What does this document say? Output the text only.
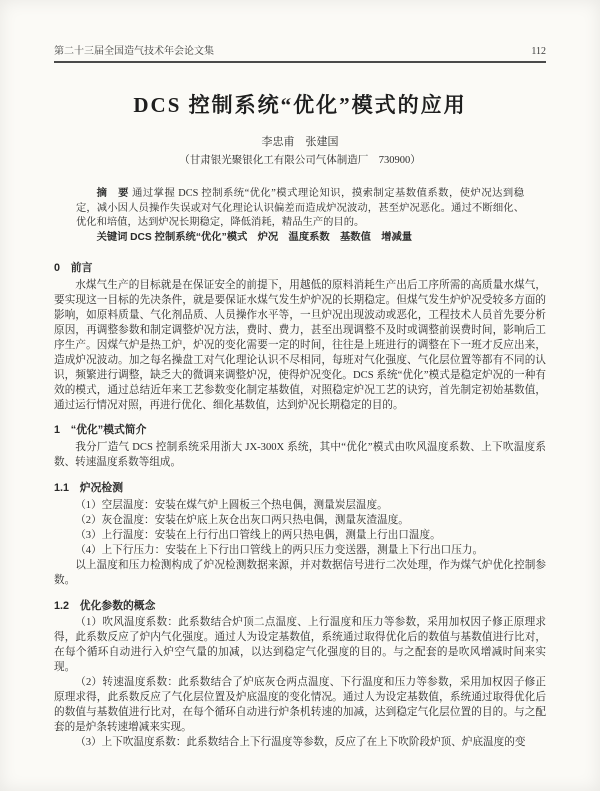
第二十三届全国造气技术年会论文集	112
DCS 控制系统“优化”模式的应用
李忠甫　张建国
（甘肃银光聚银化工有限公司气体制造厂　730900）

摘　要 通过掌握 DCS 控制系统“优化”模式理论知识，摸索制定基数值系数，使炉况达到稳定，减小因人员操作失误或对气化理论认识偏差而造成炉况波动，甚至炉况恶化。通过不断细化、优化和培值，达到炉况长期稳定，降低消耗，精品生产的目的。

关键词 DCS 控制系统“优化”模式　炉况　温度系数　基数值　增减量

0　前言

水煤气生产的目标就是在保证安全的前提下，用越低的原料消耗生产出后工序所需的高质量水煤气，要实现这一目标的先决条件，就是要保证水煤气发生炉炉况的长期稳定。但煤气发生炉炉况受较多方面的影响，如原料质量、气化剂品质、人员操作水平等，一旦炉况出现波动或恶化，工程技术人员首先要分析原因，再调整参数和制定调整炉况方法，费时、费力，甚至出现调整不及时或调整前误费时间，影响后工序生产。因煤气炉是热工炉，炉况的变化需要一定的时间，往往是上班进行的调整在下一班才反应出来，造成炉况波动。加之每名操盘工对气化理论认识不尽相同，每班对气化强度、气化层位置等都有不同的认识，频繁进行调整，缺乏大的微调来调整炉况，使得炉况变化。DCS 系统“优化”模式是稳定炉况的一种有效的模式，通过总结近年来工艺参数变化制定基数值，对照稳定炉况工艺的诀窍，首先制定初始基数值，通过运行情况对照，再进行优化、细化基数值，达到炉况长期稳定的目的。

1　“优化”模式简介

我分厂造气 DCS 控制系统采用浙大 JX-300X 系统，其中“优化”模式由吹风温度系数、上下吹温度系数、转速温度系数等组成。

1.1　炉况检测

（1）空层温度：安装在煤气炉上圆板三个热电偶，测量炭层温度。

（2）灰仓温度：安装在炉底上灰仓出灰口两只热电偶，测量灰渣温度。

（3）上行温度：安装在上行行出口管线上的两只热电偶，测量上行出口温度。

（4）上下行压力：安装在上下行出口管线上的两只压力变送器，测量上下行出口压力。

以上温度和压力检测构成了炉况检测数据来源，并对数据信号进行二次处理，作为煤气炉优化控制参数。

1.2　优化参数的概念

（1）吹风温度系数：此系数结合炉顶二点温度、上行温度和压力等参数，采用加权因子修正原理求得，此系数反应了炉内气化强度。通过人为设定基数值，系统通过取得优化后的数值与基数值进行比对，在每个循环自动进行入炉空气量的加减，以达到稳定气化强度的目的。与之配套的是吹风增减时间来实现。

（2）转速温度系数：此系数结合了炉底灰仓两点温度、下行温度和压力等参数，采用加权因子修正原理求得，此系数反应了气化层位置及炉底温度的变化情况。通过人为设定基数值，系统通过取得优化后的数值与基数值进行比对，在每个循环自动进行炉条机转速的加减，达到稳定气化层位置的目的。与之配套的是炉条转速增减来实现。

（3）上下吹温度系数：此系数结合上下行温度等参数，反应了在上下吹阶段炉顶、炉底温度的变
